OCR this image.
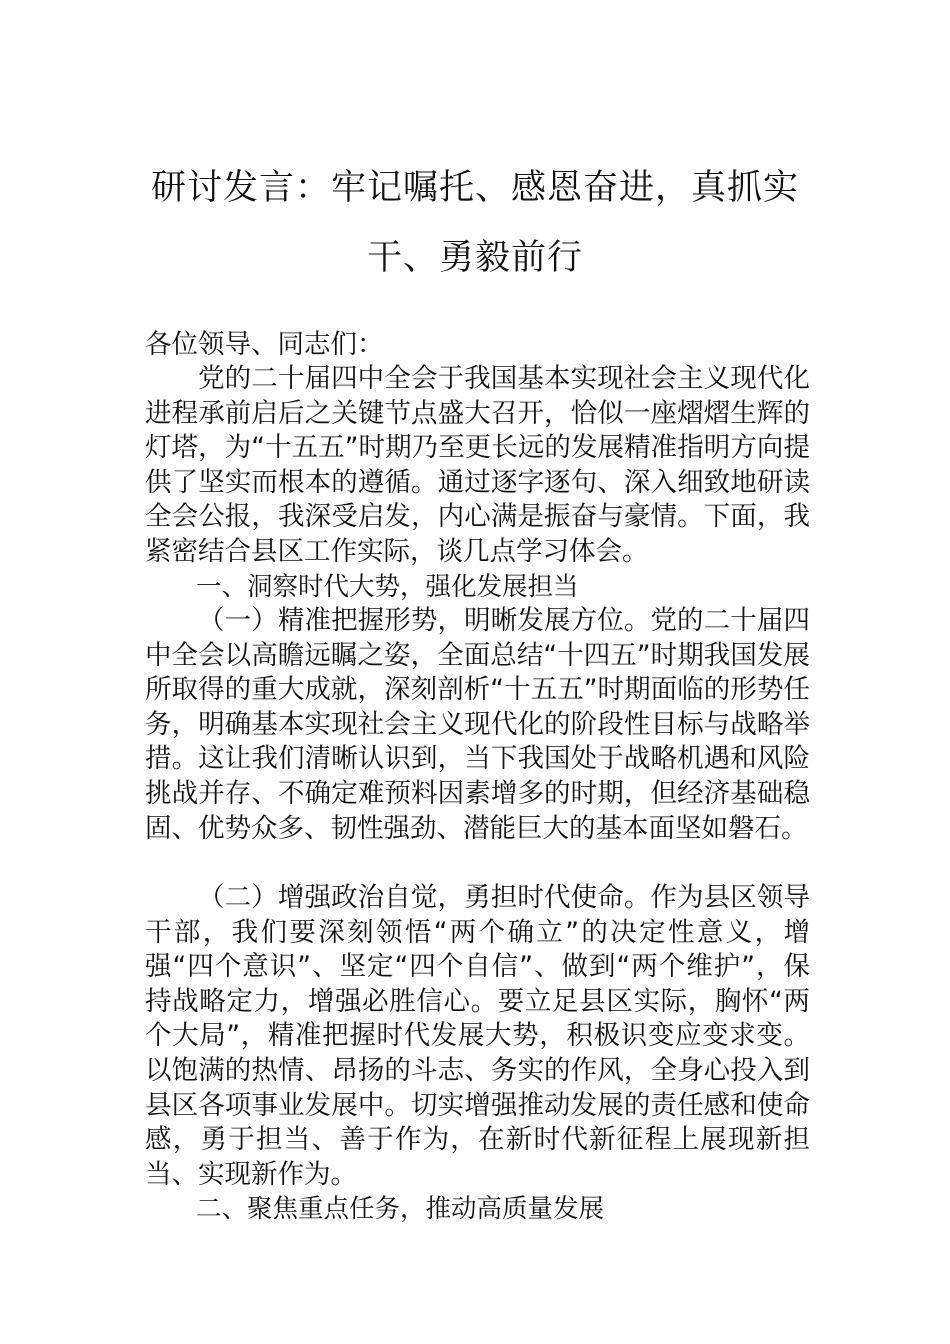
研讨发言：牢记嘱托、感恩奋进，真抓实
干、勇毅前行

各位领导、同志们：

党的二十届四中全会于我国基本实现社会主义现代化进程承前启后之关键节点盛大召开，恰似一座熠熠生辉的灯塔，为“十五五”时期乃至更长远的发展精准指明方向提供了坚实而根本的遵循。通过逐字逐句、深入细致地研读全会公报，我深受启发，内心满是振奋与豪情。下面，我紧密结合县区工作实际，谈几点学习体会。

一、洞察时代大势，强化发展担当

（一）精准把握形势，明晰发展方位。党的二十届四中全会以高瞻远瞩之姿，全面总结“十四五”时期我国发展所取得的重大成就，深刻剖析“十五五”时期面临的形势任务，明确基本实现社会主义现代化的阶段性目标与战略举措。这让我们清晰认识到，当下我国处于战略机遇和风险挑战并存、不确定难预料因素增多的时期，但经济基础稳固、优势众多、韧性强劲、潜能巨大的基本面坚如磐石。

（二）增强政治自觉，勇担时代使命。作为县区领导干部，我们要深刻领悟“两个确立”的决定性意义，增强“四个意识”、坚定“四个自信”、做到“两个维护”，保持战略定力，增强必胜信心。要立足县区实际，胸怀“两个大局”，精准把握时代发展大势，积极识变应变求变。以饱满的热情、昂扬的斗志、务实的作风，全身心投入到县区各项事业发展中。切实增强推动发展的责任感和使命感，勇于担当、善于作为，在新时代新征程上展现新担当、实现新作为。

二、聚焦重点任务，推动高质量发展
